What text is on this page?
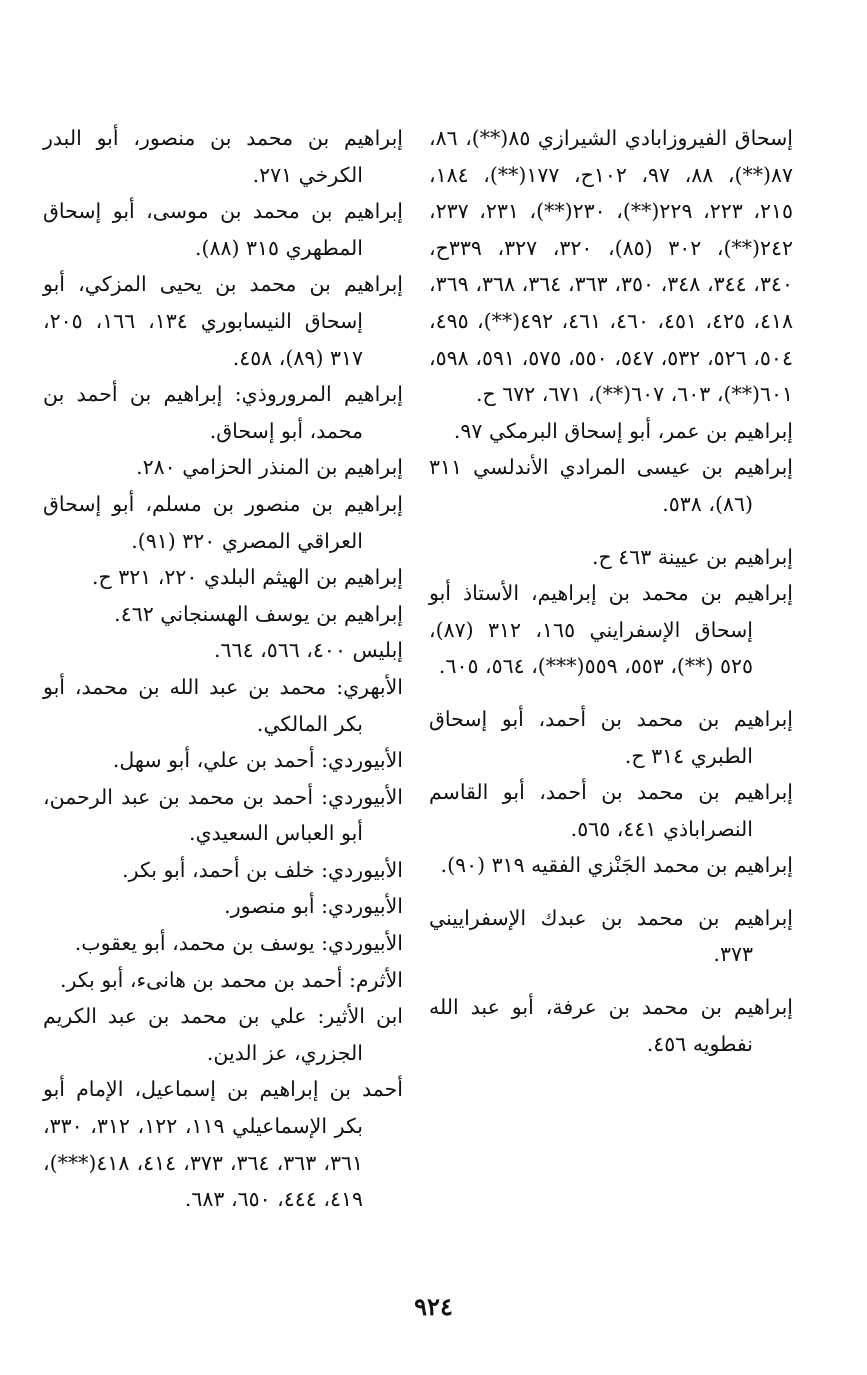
إسحاق الفيروزابادي الشيرازي ٨٥(**)، ٨٦، ٨٧(**)، ٨٨، ٩٧، ١٠٢ح، ١٧٧(**)، ١٨٤، ٢١٥، ٢٢٣، ٢٢٩(**)، ٢٣٠(**)، ٢٣١، ٢٣٧، ٢٤٢(**)، ٣٠٢ (٨٥)، ٣٢٠، ٣٢٧، ٣٣٩ح، ٣٤٠، ٣٤٤، ٣٤٨، ٣٥٠، ٣٦٣، ٣٦٤، ٣٦٨، ٣٦٩، ٤١٨، ٤٢٥، ٤٥١، ٤٦٠، ٤٦١، ٤٩٢(**)، ٤٩٥، ٥٠٤، ٥٢٦، ٥٣٢، ٥٤٧، ٥٥٠، ٥٧٥، ٥٩١، ٥٩٨، ٦٠١(**)، ٦٠٣، ٦٠٧(**)، ٦٧١، ٦٧٢ ح.

إبراهيم بن عمر، أبو إسحاق البرمكي ٩٧.

إبراهيم بن عيسى المرادي الأندلسي ٣١١ (٨٦)، ٥٣٨.

إبراهيم بن عيينة ٤٦٣ ح.

إبراهيم بن محمد بن إبراهيم، الأستاذ أبو إسحاق الإسفرايني ١٦٥، ٣١٢ (٨٧)، ٥٢٥ (**)، ٥٥٣، ٥٥٩(***)، ٥٦٤، ٦٠٥.

إبراهيم بن محمد بن أحمد، أبو إسحاق الطبري ٣١٤ ح.

إبراهيم بن محمد بن أحمد، أبو القاسم النصراباذي ٤٤١، ٥٦٥.

إبراهيم بن محمد الجَنْزي الفقيه ٣١٩ (٩٠).

إبراهيم بن محمد بن عبدك الإسفراييني ٣٧٣.

إبراهيم بن محمد بن عرفة، أبو عبد الله نفطويه ٤٥٦.

إبراهيم بن محمد بن منصور، أبو البدر الكرخي ٢٧١.

إبراهيم بن محمد بن موسى، أبو إسحاق المطهري ٣١٥ (٨٨).

إبراهيم بن محمد بن يحيى المزكي، أبو إسحاق النيسابوري ١٣٤، ١٦٦، ٢٠٥، ٣١٧ (٨٩)، ٤٥٨.

إبراهيم المروروذي: إبراهيم بن أحمد بن محمد، أبو إسحاق.

إبراهيم بن المنذر الحزامي ٢٨٠.

إبراهيم بن منصور بن مسلم، أبو إسحاق العراقي المصري ٣٢٠ (٩١).

إبراهيم بن الهيثم البلدي ٢٢٠، ٣٢١ ح.

إبراهيم بن يوسف الهسنجاني ٤٦٢.

إبليس ٤٠٠، ٥٦٦، ٦٦٤.

الأبهري: محمد بن عبد الله بن محمد، أبو بكر المالكي.

الأبيوردي: أحمد بن علي، أبو سهل.

الأبيوردي: أحمد بن محمد بن عبد الرحمن، أبو العباس السعيدي.

الأبيوردي: خلف بن أحمد، أبو بكر.

الأبيوردي: أبو منصور.

الأبيوردي: يوسف بن محمد، أبو يعقوب.

الأثرم: أحمد بن محمد بن هانىء، أبو بكر.

ابن الأثير: علي بن محمد بن عبد الكريم الجزري، عز الدين.

أحمد بن إبراهيم بن إسماعيل، الإمام أبو بكر الإسماعيلي ١١٩، ١٢٢، ٣١٢، ٣٣٠، ٣٦١، ٣٦٣، ٣٦٤، ٣٧٣، ٤١٤، ٤١٨(***)، ٤١٩، ٤٤٤، ٦٥٠، ٦٨٣.

٩٢٤
